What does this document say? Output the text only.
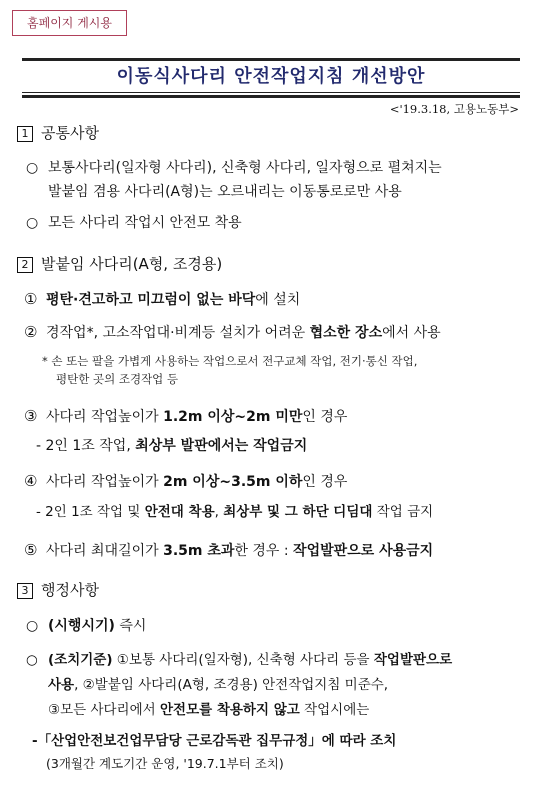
홈페이지 게시용
이동식사다리 안전작업지침 개선방안
<'19.3.18, 고용노동부>
1 공통사항
○ 보통사다리(일자형 사다리), 신축형 사다리, 일자형으로 펼쳐지는
발붙임 겸용 사다리(A형)는 오르내리는 이동통로로만 사용
○ 모든 사다리 작업시 안전모 착용
2 발붙임 사다리(A형, 조경용)
① 평탄·견고하고 미끄럼이 없는 바닥에 설치
② 경작업*, 고소작업대·비계등 설치가 어려운 협소한 장소에서 사용
* 손 또는 팔을 가볍게 사용하는 작업으로서 전구교체 작업, 전기·통신 작업,
평탄한 곳의 조경작업 등
③ 사다리 작업높이가 1.2m 이상~2m 미만인 경우
- 2인 1조 작업, 최상부 발판에서는 작업금지
④ 사다리 작업높이가 2m 이상~3.5m 이하인 경우
- 2인 1조 작업 및 안전대 착용, 최상부 및 그 하단 디딤대 작업 금지
⑤ 사다리 최대길이가 3.5m 초과한 경우 : 작업발판으로 사용금지
3 행정사항
○ (시행시기) 즉시
○ (조치기준) ①보통 사다리(일자형), 신축형 사다리 등을 작업발판으로
사용, ②발붙임 사다리(A형, 조경용) 안전작업지침 미준수,
③모든 사다리에서 안전모를 착용하지 않고 작업시에는
-「산업안전보건업무담당 근로감독관 집무규정」에 따라 조치
(3개월간 계도기간 운영, '19.7.1부터 조치)
